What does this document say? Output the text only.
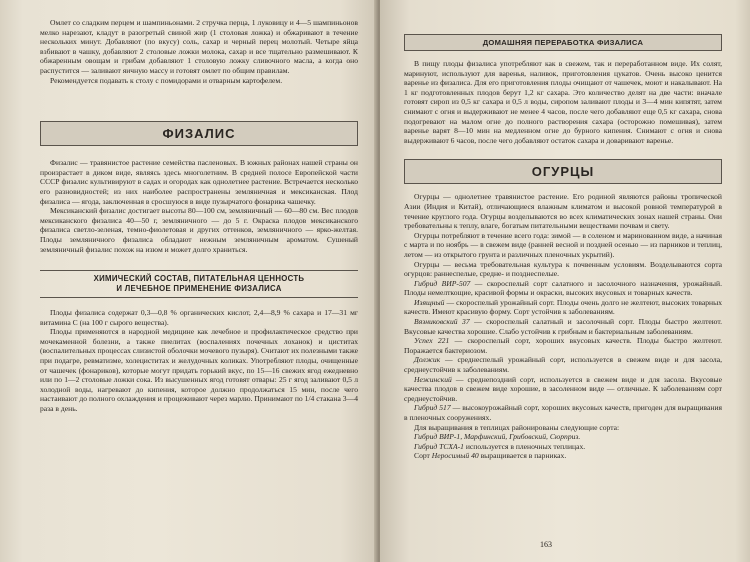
Омлет со сладким перцем и шампиньонами. 2 стручка перца, 1 луковицу и 4—5 шампиньонов мелко нарезают, кладут в разогретый свиной жир (1 столовая ложка) и обжаривают в течение нескольких минут. Добавляют (по вкусу) соль, сахар и черный перец молотый. Четыре яйца взбивают в чашку, добавляют 2 столовые ложки молока, сахар и все тщательно размешивают. К обжаренным овощам и грибам добавляют 1 столовую ложку сливочного масла, а когда оно распустится — заливают яичную массу и готовят омлет по общим правилам.

Рекомендуется подавать к столу с помидорами и отварным картофелем.

ФИЗАЛИС

Физалис — травянистое растение семейства пасленовых. В южных районах нашей страны он произрастает в диком виде, являясь здесь многолетним. В средней полосе Европейской части СССР физалис культивируют в садах и огородах как однолетнее растение. Встречается несколько его разновидностей; из них наиболее распространены земляничная и мексиканская. Плод физалиса — ягода, заключенная в сросшуюся в виде пузырчатого фонарика чашечку.

Мексиканский физалис достигает высоты 80—100 см, земляничный — 60—80 см. Вес плодов мексиканского физалиса 40—50 г, земляничного — до 5 г. Окраска плодов мексиканского физалиса светло-зеленая, темно-фиолетовая и других оттенков, земляничного — ярко-желтая. Плоды земляничного физалиса обладают нежным земляничным ароматом. Сушеный земляничный физалис похож на изюм и может долго храниться.

ХИМИЧЕСКИЙ СОСТАВ, ПИТАТЕЛЬНАЯ ЦЕННОСТЬ
И ЛЕЧЕБНОЕ ПРИМЕНЕНИЕ ФИЗАЛИСА

Плоды физалиса содержат 0,3—0,8 % органических кислот, 2,4—8,9 % сахара и 17—31 мг витамина С (на 100 г сырого вещества).

Плоды применяются в народной медицине как лечебное и профилактическое средство при мочекаменной болезни, а также пиелитах (воспалениях почечных лоханок) и циститах (воспалительных процессах слизистой оболочки мочевого пузыря). Считают их полезными также при подагре, ревматизме, холециститах и желудочных коликах. Употребляют плоды, очищенные от чашечек (фонариков), которые могут придать горький вкус, по 15—16 свежих ягод ежедневно или по 1—2 столовые ложки сока. Из высушенных ягод готовят отвары: 25 г ягод заливают 0,5 л холодной воды, нагревают до кипения, которое должно продолжаться 15 мин, после чего настаивают до полного охлаждения и процеживают через марлю. Принимают по 1/4 стакана 3—4 раза в день.

ДОМАШНЯЯ ПЕРЕРАБОТКА ФИЗАЛИСА

В пищу плоды физалиса употребляют как в свежем, так и переработанном виде. Их солят, маринуют, используют для варенья, наливок, приготовления цукатов. Очень высоко ценится варенье из физалиса. Для его приготовления плоды очищают от чашечек, моют и накалывают. На 1 кг подготовленных плодов берут 1,2 кг сахара. Это количество делят на две части: вначале готовят сироп из 0,5 кг сахара и 0,5 л воды, сиропом заливают плоды и 3—4 мин кипятят, затем снимают с огня и выдерживают не менее 4 часов, после чего добавляют еще 0,5 кг сахара, снова подогревают на малом огне до полного растворения сахара (осторожно помешивая), затем варенье варят 8—10 мин на медленном огне до бурного кипения. Снимают с огня и снова выдерживают 6 часов, после чего добавляют остаток сахара и доваривают варенье.

ОГУРЦЫ

Огурцы — однолетнее травянистое растение. Его родиной являются районы тропической Азии (Индия и Китай), отличающиеся влажным климатом и высокой ровной температурой в течение круглого года. Огурцы возделываются во всех климатических зонах нашей страны. Они требовательны к теплу, влаге, богатым питательными веществами почвам и свету.

Огурцы потребляют в течение всего года: зимой — в соленом и маринованном виде, а начиная с марта и по ноябрь — в свежем виде (ранней весной и поздней осенью — из парников и теплиц, летом — из открытого грунта и различных пленочных укрытий).

Огурцы — весьма требовательная культура к почвенным условиям. Возделываются сорта огурцов: раннеспелые, средне- и позднеспелые.

Гибрид ВИР-507 — скороспелый сорт салатного и засолочного назначения, урожайный. Плоды немелткощие, красивой формы и окраски, высоких вкусовых и товарных качеств.

Изящный — скороспелый урожайный сорт. Плоды очень долго не желтеют, высоких товарных качеств. Имеют красивую форму. Сорт устойчив к заболеваниям.

Вязниковский 37 — скороспелый салатный и засолочный сорт. Плоды быстро желтеют. Вкусовые качества хорошие. Слабо устойчив к грибным и бактериальным заболеваниям.

Успех 221 — скороспелый сорт, хороших вкусовых качеств. Плоды быстро желтеют. Поражается бактериозом.

Должик — среднеспелый урожайный сорт, используется в свежем виде и для засола, среднеустойчив к заболеваниям.

Нежинский — среднепоздний сорт, используется в свежем виде и для засола. Вкусовые качества плодов в свежем виде хорошие, в засоленном виде — отличные. К заболеваниям сорт среднеустойчив.

Гибрид 517 — высокоурожайный сорт, хороших вкусовых качеств, пригоден для выращивания в пленочных сооружениях.

Для выращивания в теплицах районированы следующие сорта:

Гибрид ВИР-1, Марфинский, Грибовский, Сюрприз.

Гибрид ТСХА-1 используется в пленочных теплицах.

Сорт Неросимый 40 выращивается в парниках.

163
